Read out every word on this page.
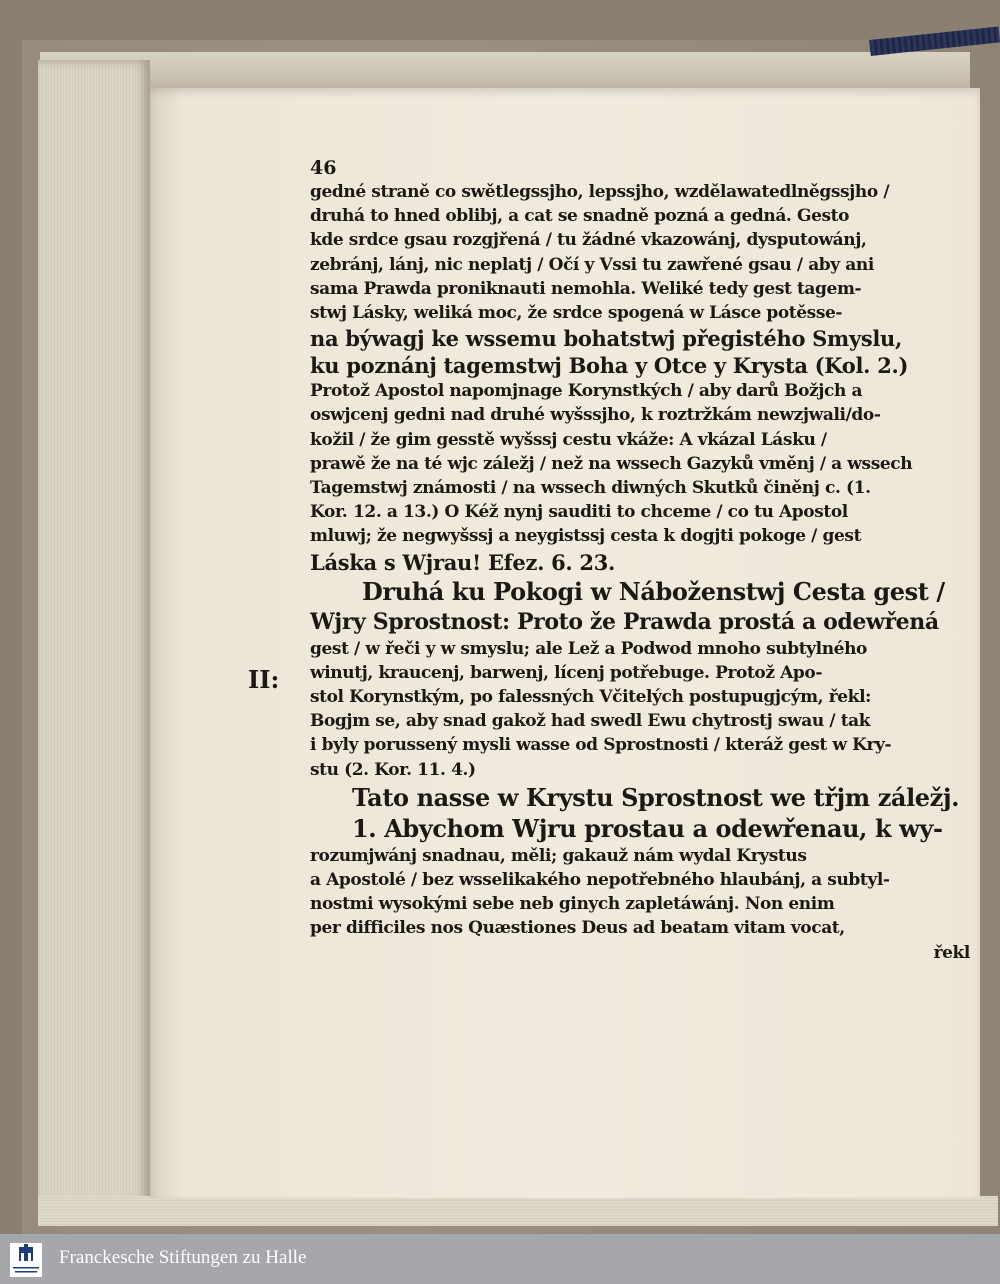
II:
46
gedné straně co swětlegssjho, lepssjho, wzdělawatedlněgssjho /
druhá to hned oblibj, a cat se snadně pozná a gedná. Gesto
kde srdce gsau rozgjřená / tu žádné vkazowánj, dysputowánj,
zebránj, lánj, nic neplatj / Očí y Vssi tu zawřené gsau / aby ani
sama Prawda proniknauti nemohla. Weliké tedy gest tagem-
stwj Lásky, weliká moc, že srdce spogená w Lásce potěsse-
na býwagj ke wssemu bohatstwj přegistého Smyslu,
ku poznánj tagemstwj Boha y Otce y Krysta (Kol. 2.)
Protož Apostol napomjnage Korynstkých / aby darů Božjch a
oswjcenj gedni nad druhé wyšssjho, k roztržkám newzjwali/do-
kožil / že gim gesstě wyšssj cestu vkáže: A vkázal Lásku /
prawě že na té wjc záležj / než na wssech Gazyků vměnj / a wssech
Tagemstwj známosti / na wssech diwných Skutků činěnj c. (1.
Kor. 12. a 13.) O Kéž nynj sauditi to chceme / co tu Apostol
mluwj; že negwyšssj a neygistssj cesta k dogjti pokoge / gest
Láska s Wjrau! Efez. 6. 23.
Druhá ku Pokogi w Náboženstwj Cesta gest /
Wjry Sprostnost: Proto že Prawda prostá a odewřená
gest / w řeči y w smyslu; ale Lež a Podwod mnoho subtylného
winutj, kraucenj, barwenj, lícenj potřebuge. Protož Apo-
stol Korynstkým, po falessných Včitelých postupugjcým, řekl:
Bogjm se, aby snad gakož had swedl Ewu chytrostj swau / tak
i byly porussený mysli wasse od Sprostnosti / kteráž gest w Kry-
stu (2. Kor. 11. 4.)
Tato nasse w Krystu Sprostnost we třjm záležj.
1. Abychom Wjru prostau a odewřenau, k wy-
rozumjwánj snadnau, měli; gakauž nám wydal Krystus
a Apostolé / bez wsselikakého nepotřebného hlaubánj, a subtyl-
nostmi wysokými sebe neb ginych zapletáwánj. Non enim
per difficiles nos Quæstiones Deus ad beatam vitam vocat,
řekl
Franckesche Stiftungen zu Halle
